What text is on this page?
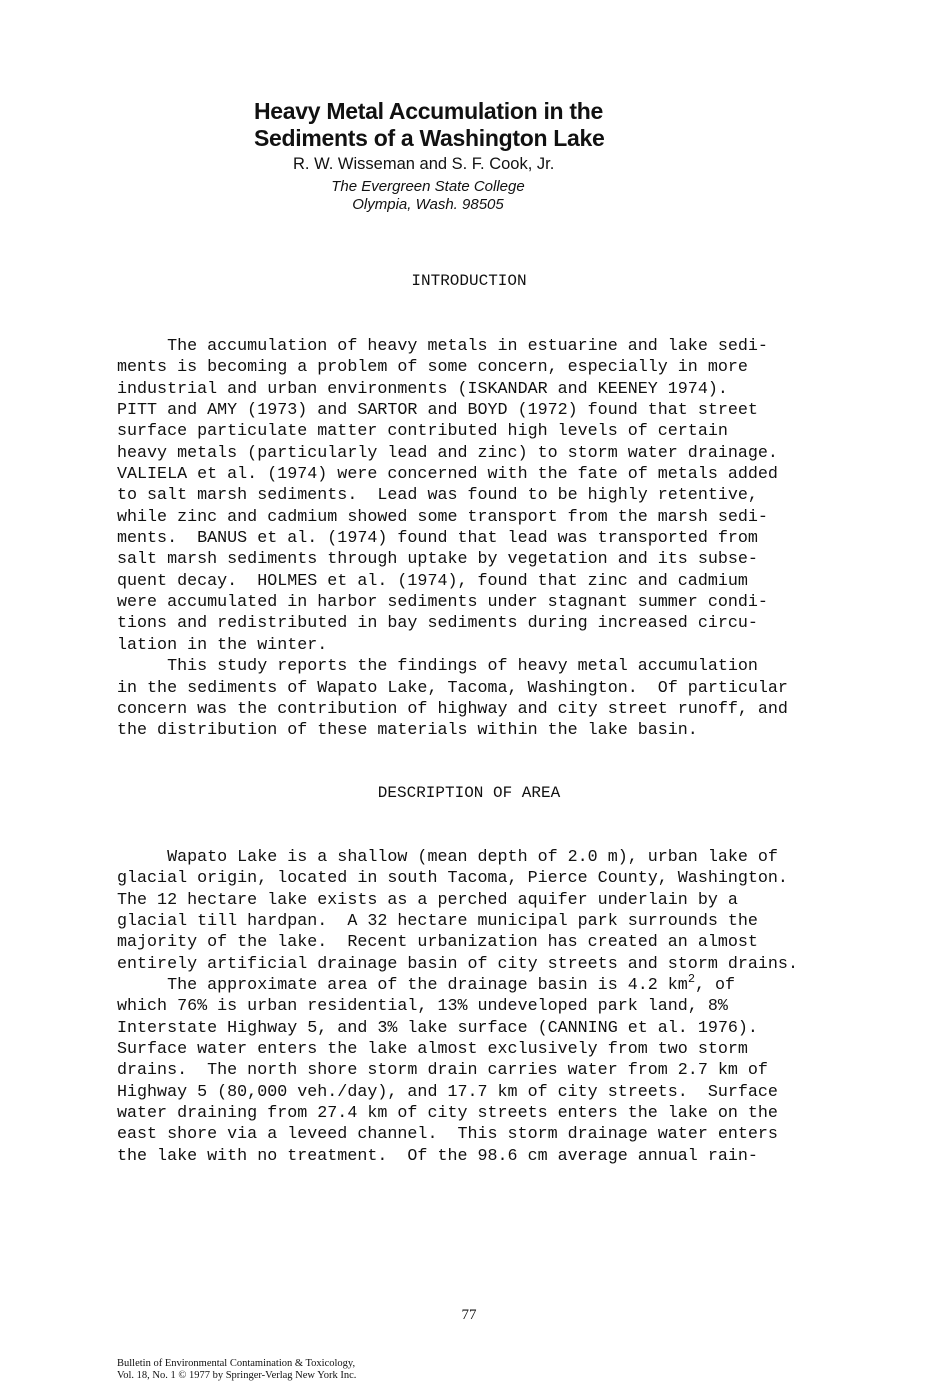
Heavy Metal Accumulation in the
Sediments of a Washington Lake
R. W. Wisseman and S. F. Cook, Jr.
The Evergreen State College
Olympia, Wash. 98505
INTRODUCTION
The accumulation of heavy metals in estuarine and lake sedi-
ments is becoming a problem of some concern, especially in more
industrial and urban environments (ISKANDAR and KEENEY 1974).
PITT and AMY (1973) and SARTOR and BOYD (1972) found that street
surface particulate matter contributed high levels of certain
heavy metals (particularly lead and zinc) to storm water drainage.
VALIELA et al. (1974) were concerned with the fate of metals added
to salt marsh sediments.  Lead was found to be highly retentive,
while zinc and cadmium showed some transport from the marsh sedi-
ments.  BANUS et al. (1974) found that lead was transported from
salt marsh sediments through uptake by vegetation and its subse-
quent decay.  HOLMES et al. (1974), found that zinc and cadmium
were accumulated in harbor sediments under stagnant summer condi-
tions and redistributed in bay sediments during increased circu-
lation in the winter.
This study reports the findings of heavy metal accumulation
in the sediments of Wapato Lake, Tacoma, Washington.  Of particular
concern was the contribution of highway and city street runoff, and
the distribution of these materials within the lake basin.
DESCRIPTION OF AREA
Wapato Lake is a shallow (mean depth of 2.0 m), urban lake of
glacial origin, located in south Tacoma, Pierce County, Washington.
The 12 hectare lake exists as a perched aquifer underlain by a
glacial till hardpan.  A 32 hectare municipal park surrounds the
majority of the lake.  Recent urbanization has created an almost
entirely artificial drainage basin of city streets and storm drains.
The approximate area of the drainage basin is 4.2 $km^2$, of
which 76% is urban residential, 13% undeveloped park land, 8%
Interstate Highway 5, and 3% lake surface (CANNING et al. 1976).
Surface water enters the lake almost exclusively from two storm
drains.  The north shore storm drain carries water from 2.7 km of
Highway 5 (80,000 veh./day), and 17.7 km of city streets.  Surface
water draining from 27.4 km of city streets enters the lake on the
east shore via a leveed channel.  This storm drainage water enters
the lake with no treatment.  Of the 98.6 cm average annual rain-
77
Bulletin of Environmental Contamination & Toxicology,
Vol. 18, No. 1 © 1977 by Springer-Verlag New York Inc.
